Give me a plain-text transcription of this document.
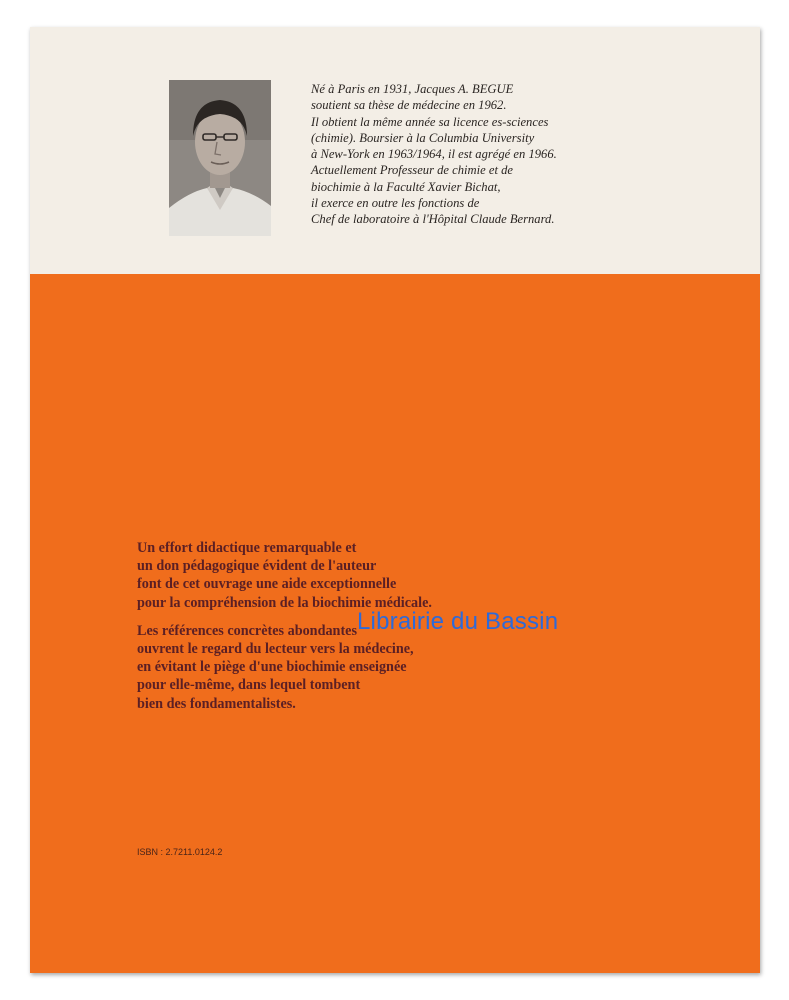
Né à Paris en 1931, Jacques A. BEGUE
soutient sa thèse de médecine en 1962.
Il obtient la même année sa licence es-sciences
(chimie). Boursier à la Columbia University
à New-York en 1963/1964, il est agrégé en 1966.
Actuellement Professeur de chimie et de
biochimie à la Faculté Xavier Bichat,
il exerce en outre les fonctions de
Chef de laboratoire à l'Hôpital Claude Bernard.
Un effort didactique remarquable et
un don pédagogique évident de l'auteur
font de cet ouvrage une aide exceptionnelle
pour la compréhension de la biochimie médicale.
Les références concrètes abondantes
ouvrent le regard du lecteur vers la médecine,
en évitant le piège d'une biochimie enseignée
pour elle-même, dans lequel tombent
bien des fondamentalistes.
Librairie du Bassin
ISBN : 2.7211.0124.2
